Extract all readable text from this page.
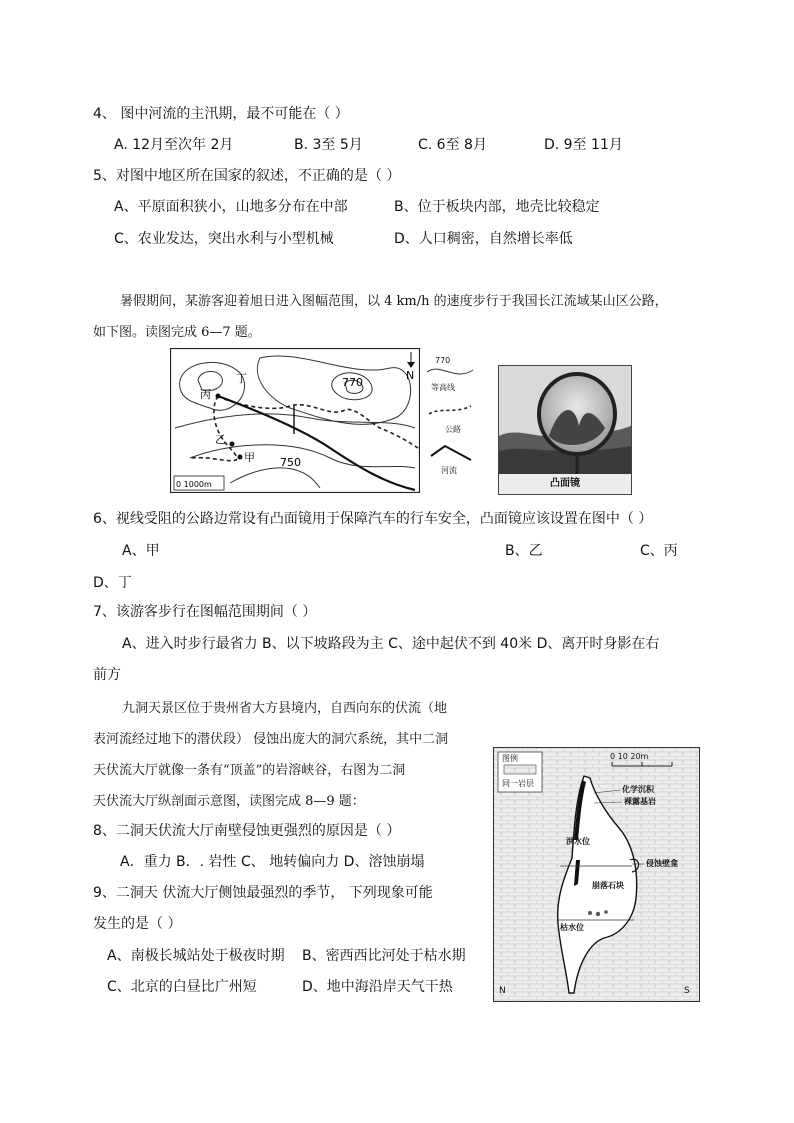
4、 图中河流的主汛期，最不可能在（ ）
A. 12月至次年 2月	B. 3至 5月	C. 6至 8月	D. 9至 11月
5、对图中地区所在国家的叙述，不正确的是（ ）
A、平原面积狭小，山地多分布在中部	B、位于板块内部，地壳比较稳定
C、农业发达，突出水利与小型机械	D、人口稠密，自然增长率低
暑假期间，某游客迎着旭日进入图幅范围，以 4 km/h 的速度步行于我国长江流域某山区公路，
如下图。读图完成 6—7 题。
770
750
丁
丙
乙
甲
N
0 1000m
770
等高线
公路
河流
凸面镜
6、视线受阻的公路边常设有凸面镜用于保障汽车的行车安全，凸面镜应该设置在图中（ ）
A、甲	B、乙	C、丙
D、丁
7、该游客步行在图幅范围期间（ ）
A、进入时步行最省力 B、以下坡路段为主 C、途中起伏不到 40米 D、离开时身影在右
前方
九洞天景区位于贵州省大方县境内，自西向东的伏流（地
表河流经过地下的潜伏段） 侵蚀出庞大的洞穴系统，其中二洞
天伏流大厅就像一条有“顶盖”的岩溶峡谷，右图为二洞
天伏流大厅纵剖面示意图，读图完成 8—9 题：
图例
同一岩层
0 10 20m
化学沉积
裸露基岩
洪水位
崩落石块
侵蚀壁龛
枯水位
N	S
8、二洞天伏流大厅南壁侵蚀更强烈的原因是（ ）
A．重力 B．. 岩性 C、 地转偏向力 D、溶蚀崩塌
9、二洞天 伏流大厅侧蚀最强烈的季节， 下列现象可能
发生的是（ ）
A、南极长城站处于极夜时期 B、密西西比河处于枯水期
C、北京的白昼比广州短	D、地中海沿岸天气干热
